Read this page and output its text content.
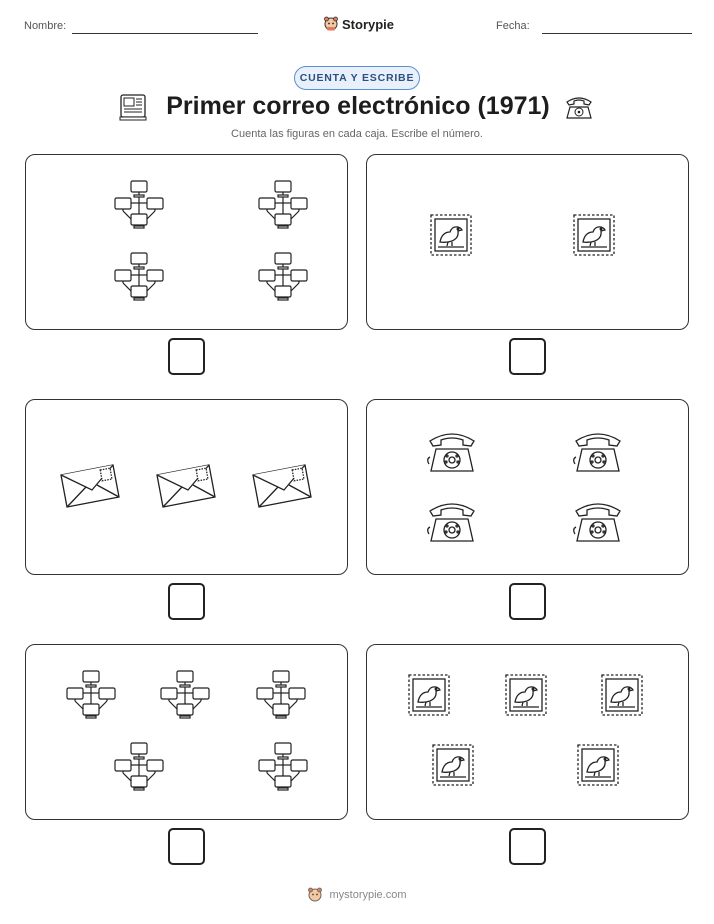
Nombre:	Storypie	Fecha:
CUENTA Y ESCRIBE
Primer correo electrónico (1971)
Cuenta las figuras en cada caja. Escribe el número.
mystorypie.com
